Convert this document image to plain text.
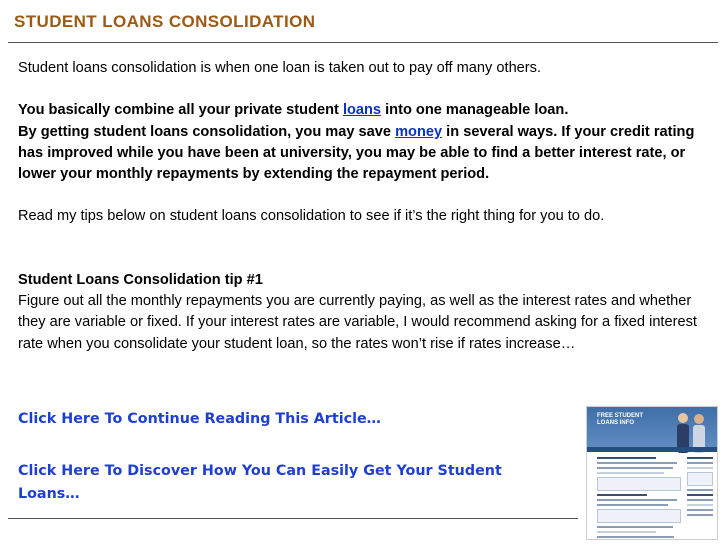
STUDENT LOANS CONSOLIDATION

Student loans consolidation is when one loan is taken out to pay off many others.

You basically combine all your private student loans into one manageable loan.

By getting student loans consolidation, you may save money in several ways. If your credit rating has improved while you have been at university, you may be able to find a better interest rate, or lower your monthly repayments by extending the repayment period.

Read my tips below on student loans consolidation to see if it’s the right thing for you to do.

Student Loans Consolidation tip #1

Figure out all the monthly repayments you are currently paying, as well as the interest rates and whether they are variable or fixed. If your interest rates are variable, I would recommend asking for a fixed interest rate when you consolidate your student loan, so the rates won’t rise if rates increase…

Click Here To Continue Reading This Article…
Click Here To Discover How You Can Easily Get Your Student Loans…
FREE STUDENT LOANS INFO
